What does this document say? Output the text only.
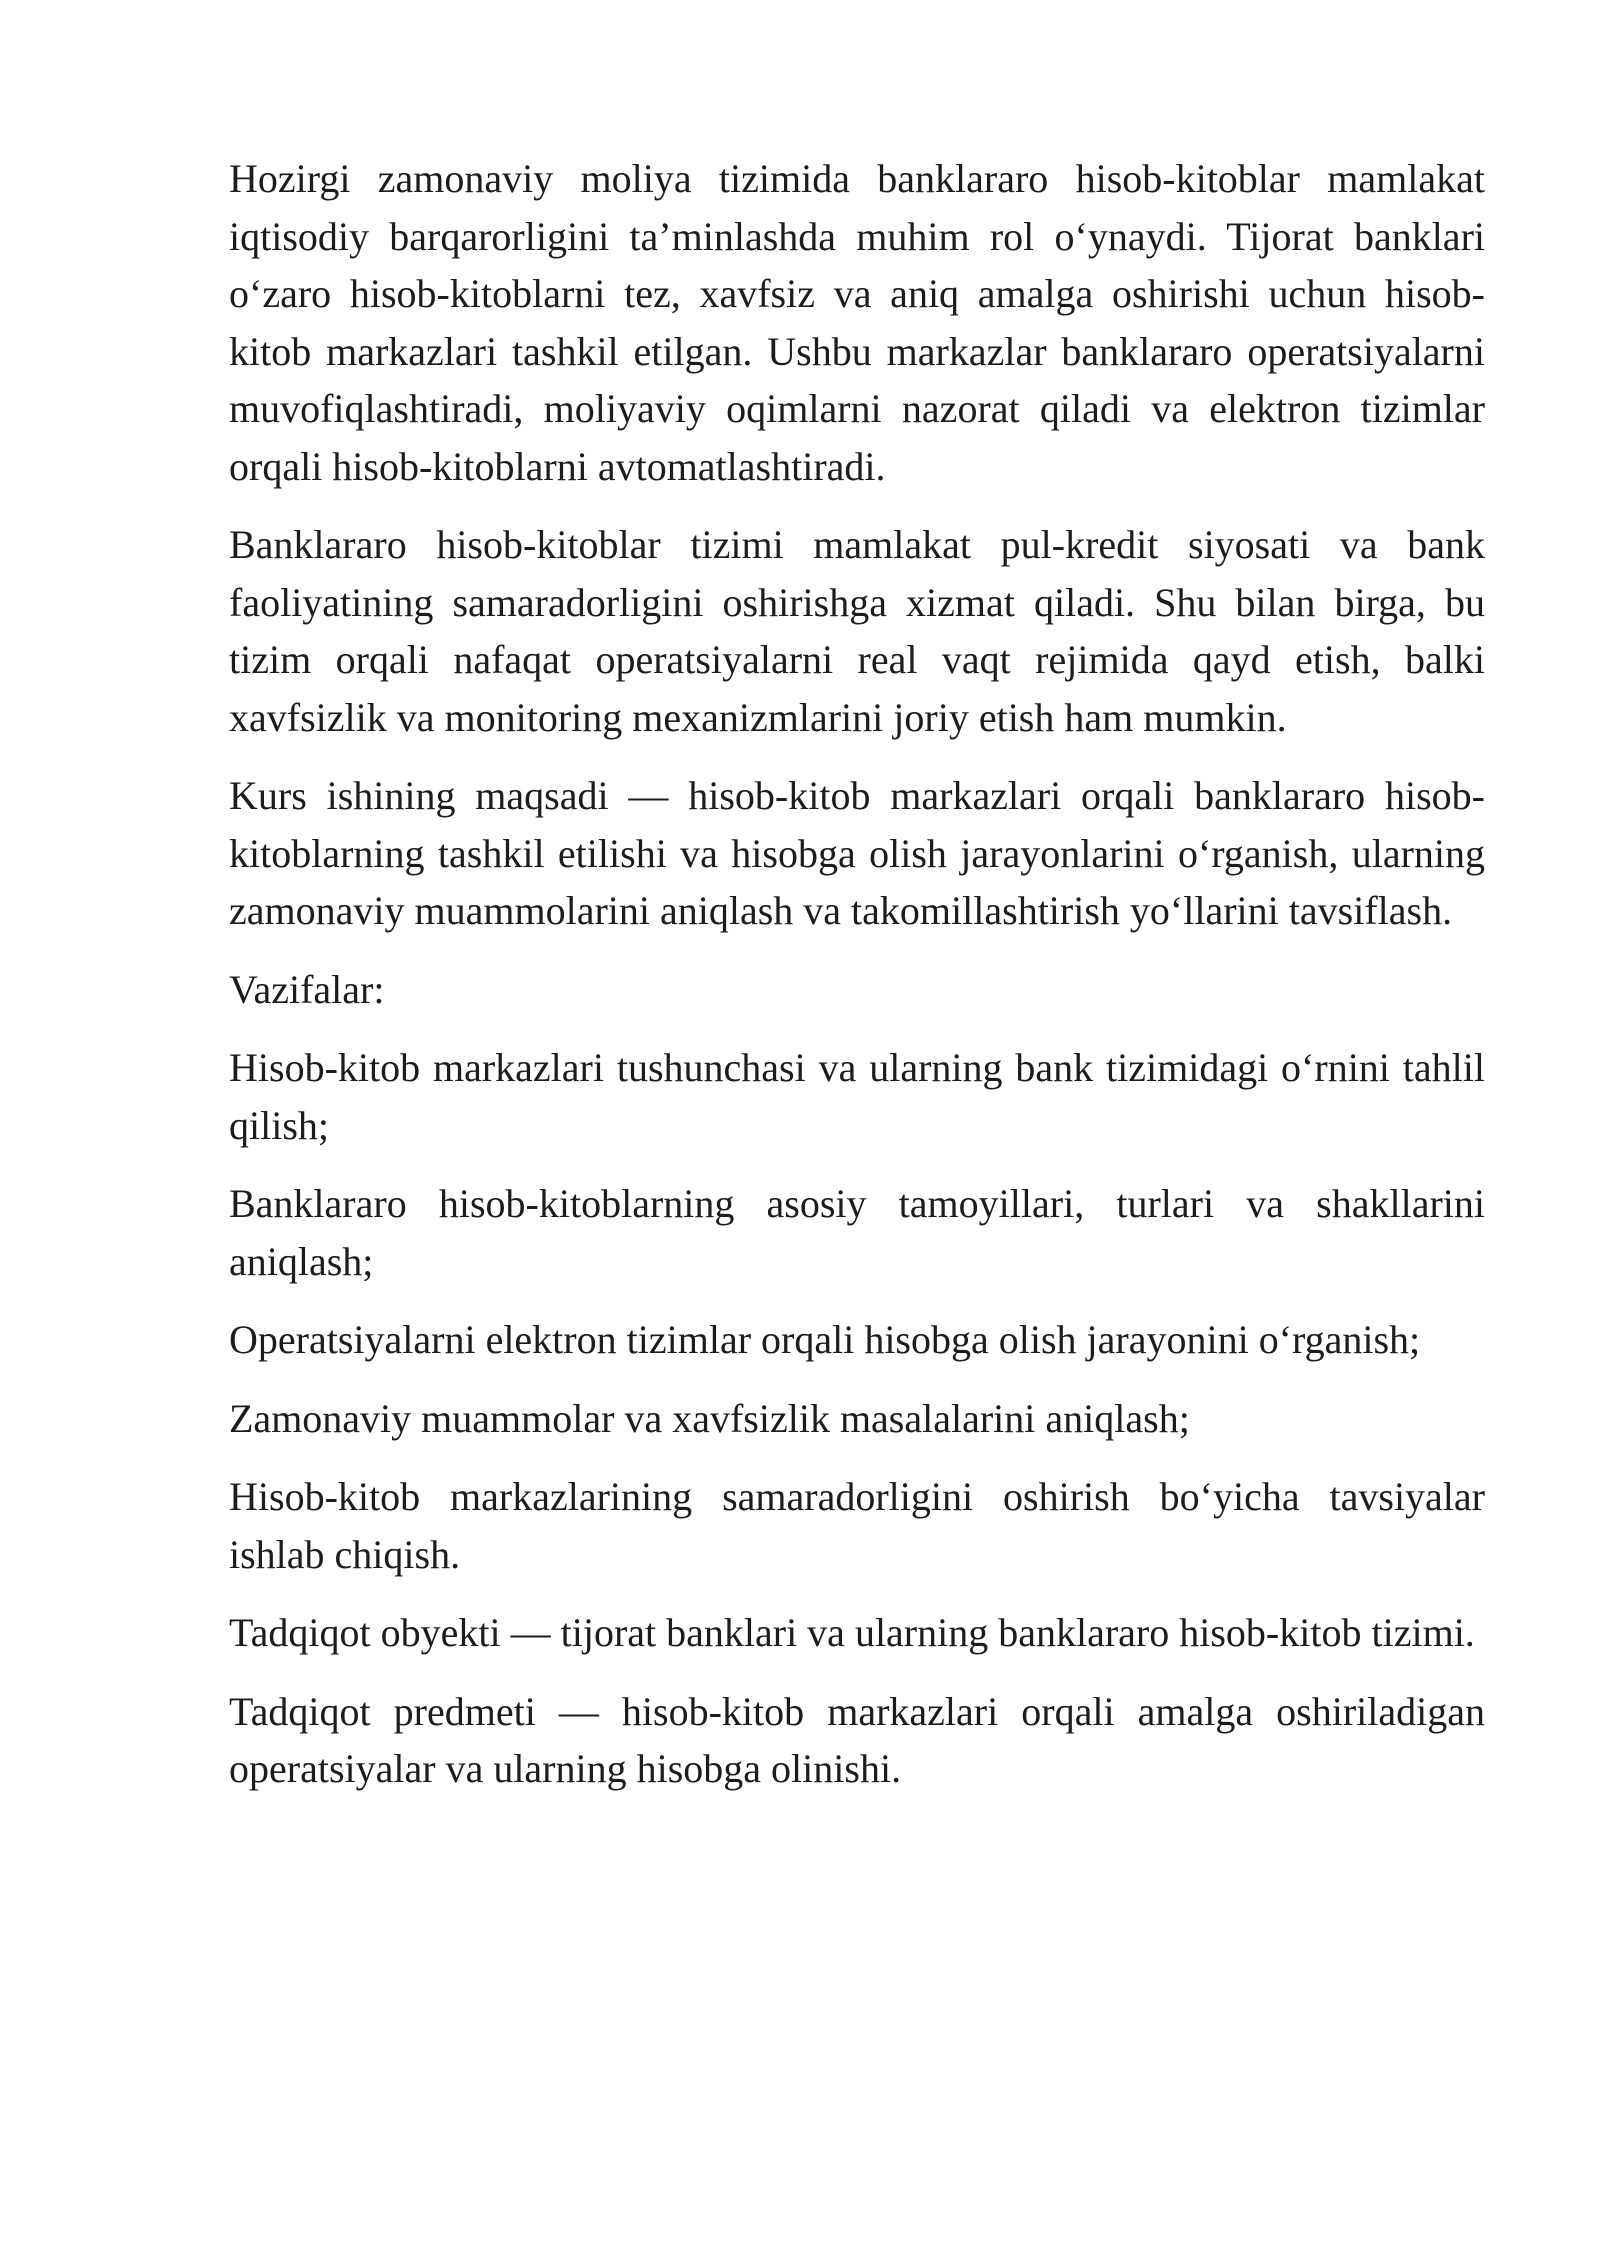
Hozirgi zamonaviy moliya tizimida banklararo hisob-kitoblar mamlakat iqtisodiy barqarorligini ta’minlashda muhim rol o‘ynaydi. Tijorat banklari o‘zaro hisob-kitoblarni tez, xavfsiz va aniq amalga oshirishi uchun hisob-kitob markazlari tashkil etilgan. Ushbu markazlar banklararo operatsiyalarni muvofiqlashtiradi, moliyaviy oqimlarni nazorat qiladi va elektron tizimlar orqali hisob-kitoblarni avtomatlashtiradi.

Banklararo hisob-kitoblar tizimi mamlakat pul-kredit siyosati va bank faoliyatining samaradorligini oshirishga xizmat qiladi. Shu bilan birga, bu tizim orqali nafaqat operatsiyalarni real vaqt rejimida qayd etish, balki xavfsizlik va monitoring mexanizmlarini joriy etish ham mumkin.

Kurs ishining maqsadi — hisob-kitob markazlari orqali banklararo hisob-kitoblarning tashkil etilishi va hisobga olish jarayonlarini o‘rganish, ularning zamonaviy muammolarini aniqlash va takomillashtirish yo‘llarini tavsiflash.

Vazifalar:

Hisob-kitob markazlari tushunchasi va ularning bank tizimidagi o‘rnini tahlil qilish;

Banklararo hisob-kitoblarning asosiy tamoyillari, turlari va shakllarini aniqlash;

Operatsiyalarni elektron tizimlar orqali hisobga olish jarayonini o‘rganish;

Zamonaviy muammolar va xavfsizlik masalalarini aniqlash;

Hisob-kitob markazlarining samaradorligini oshirish bo‘yicha tavsiyalar ishlab chiqish.

Tadqiqot obyekti — tijorat banklari va ularning banklararo hisob-kitob tizimi.

Tadqiqot predmeti — hisob-kitob markazlari orqali amalga oshiriladigan operatsiyalar va ularning hisobga olinishi.
